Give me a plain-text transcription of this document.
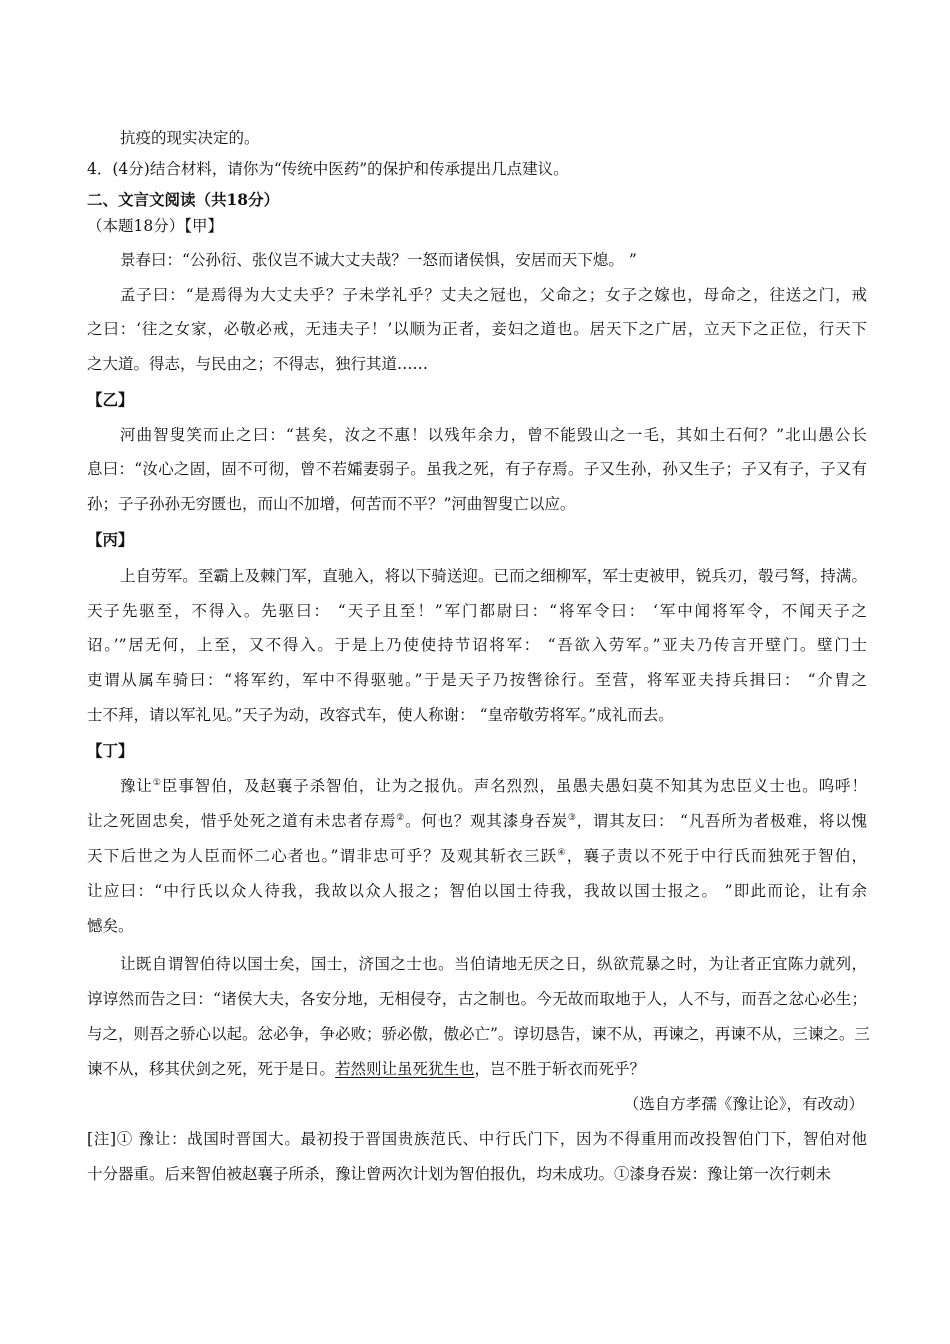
抗疫的现实决定的。

4．(4分)结合材料，请你为“传统中医药”的保护和传承提出几点建议。

二、文言文阅读（共18分）

（本题18分）【甲】

景春曰：“公孙衍、张仪岂不诚大丈夫哉？一怒而诸侯惧，安居而天下熄。 ”

孟子曰：“是焉得为大丈夫乎？子未学礼乎？丈夫之冠也，父命之；女子之嫁也，母命之，往送之门，戒

之曰：‘往之女家，必敬必戒，无违夫子！’以顺为正者，妾妇之道也。居天下之广居，立天下之正位，行天下

之大道。得志，与民由之；不得志，独行其道……

【乙】

河曲智叟笑而止之曰：“甚矣，汝之不惠！以残年余力，曾不能毁山之一毛，其如土石何？”北山愚公长

息曰：“汝心之固，固不可彻，曾不若孀妻弱子。虽我之死，有子存焉。子又生孙，孙又生子；子又有子，子又有

孙；子子孙孙无穷匮也，而山不加增，何苦而不平？”河曲智叟亡以应。

【丙】

上自劳军。至霸上及棘门军，直驰入，将以下骑送迎。已而之细柳军，军士吏被甲，锐兵刃，彀弓弩，持满。

天子先驱至，不得入。先驱曰： “天子且至！”军门都尉曰：“将军令曰： ‘军中闻将军令，不闻天子之

诏。’”居无何，上至，又不得入。于是上乃使使持节诏将军： “吾欲入劳军。”亚夫乃传言开壁门。壁门士

吏谓从属车骑曰：“将军约，军中不得驱驰。”于是天子乃按辔徐行。至营，将军亚夫持兵揖曰： “介胄之

士不拜，请以军礼见。”天子为动，改容式车，使人称谢： “皇帝敬劳将军。”成礼而去。

【丁】

豫让①臣事智伯，及赵襄子杀智伯，让为之报仇。声名烈烈，虽愚夫愚妇莫不知其为忠臣义士也。呜呼！

让之死固忠矣，惜乎处死之道有未忠者存焉②。何也？观其漆身吞炭③，谓其友曰： “凡吾所为者极难，将以愧

天下后世之为人臣而怀二心者也。”谓非忠可乎？及观其斩衣三跃④，襄子责以不死于中行氏而独死于智伯，

让应曰：“中行氏以众人待我，我故以众人报之；智伯以国士待我，我故以国士报之。 ”即此而论，让有余

憾矣。

让既自谓智伯待以国士矣，国士，济国之士也。当伯请地无厌之日，纵欲荒暴之时，为让者正宜陈力就列，

谆谆然而告之曰：“诸侯大夫，各安分地，无相侵夺，古之制也。今无故而取地于人，人不与，而吾之忿心必生；

与之，则吾之骄心以起。忿必争，争必败；骄必傲，傲必亡”。谆切恳告，谏不从，再谏之，再谏不从，三谏之。三

谏不从，移其伏剑之死，死于是日。若然则让虽死犹生也，岂不胜于斩衣而死乎？

（选自方孝孺《豫让论》，有改动）

[注]① 豫让：战国时晋国大。最初投于晋国贵族范氏、中行氏门下，因为不得重用而改投智伯门下，智伯对他

十分器重。后来智伯被赵襄子所杀，豫让曾两次计划为智伯报仇，均未成功。①漆身吞炭：豫让第一次行刺未
